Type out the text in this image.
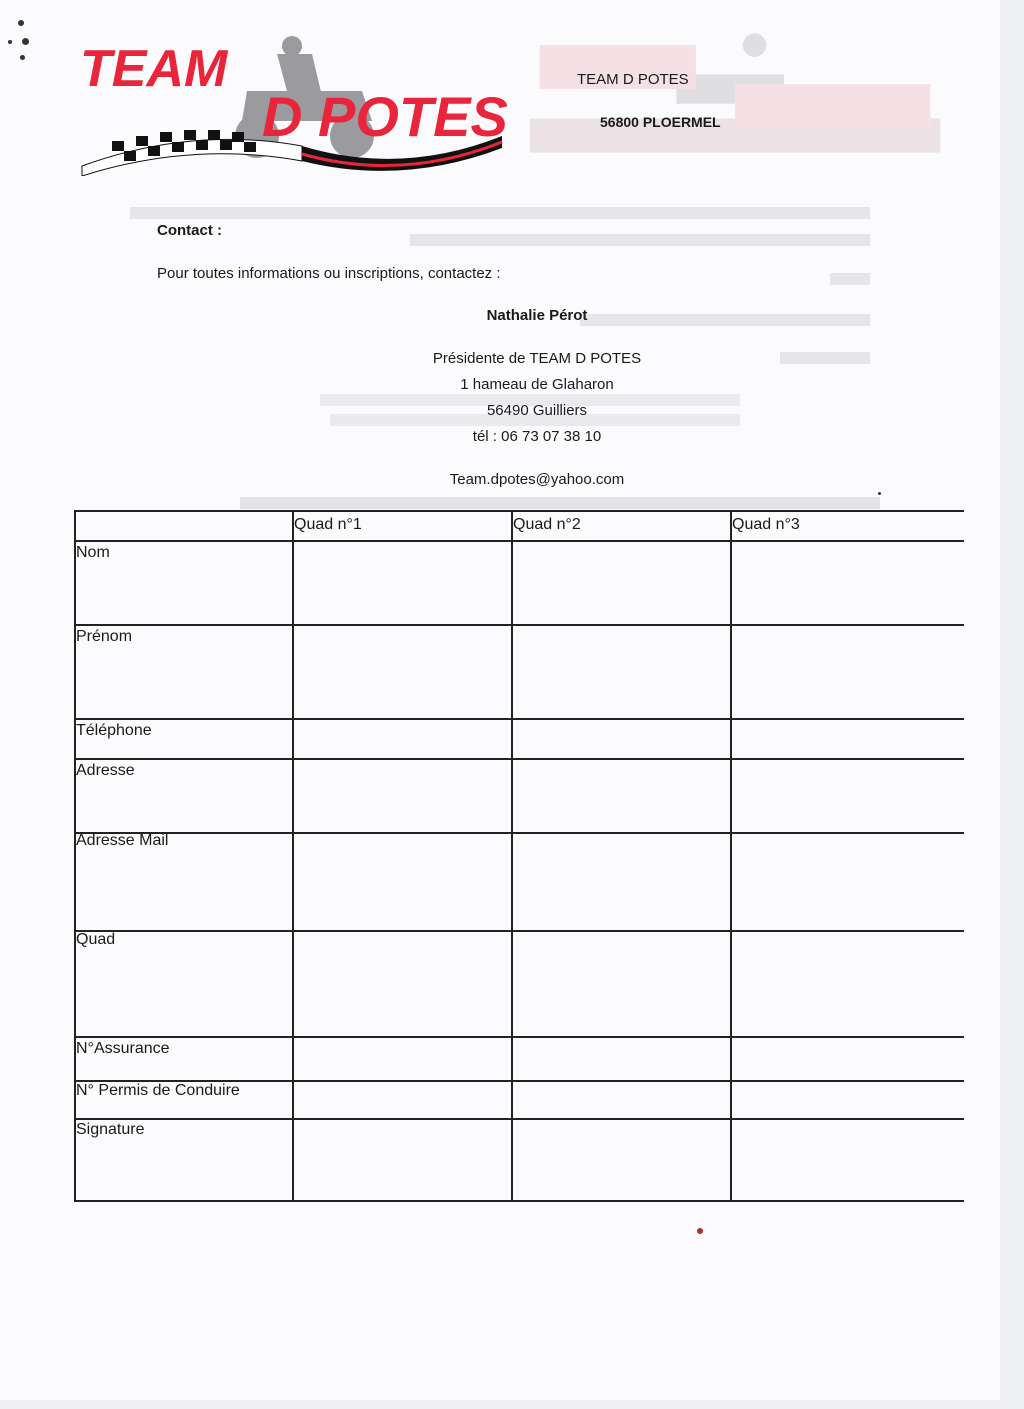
TEAM
D POTES
TEAM D POTES
56800 PLOERMEL
Contact :
Pour toutes informations ou inscriptions, contactez :
Nathalie Pérot
Présidente de TEAM D POTES
1 hameau de Glaharon
56490 Guilliers
tél : 06 73 07 38 10
Team.dpotes@yahoo.com
Quad n°1	Quad n°2	Quad n°3
Nom
Prénom
Téléphone
Adresse
Adresse Mail
Quad
N°Assurance
N° Permis de Conduire
Signature
